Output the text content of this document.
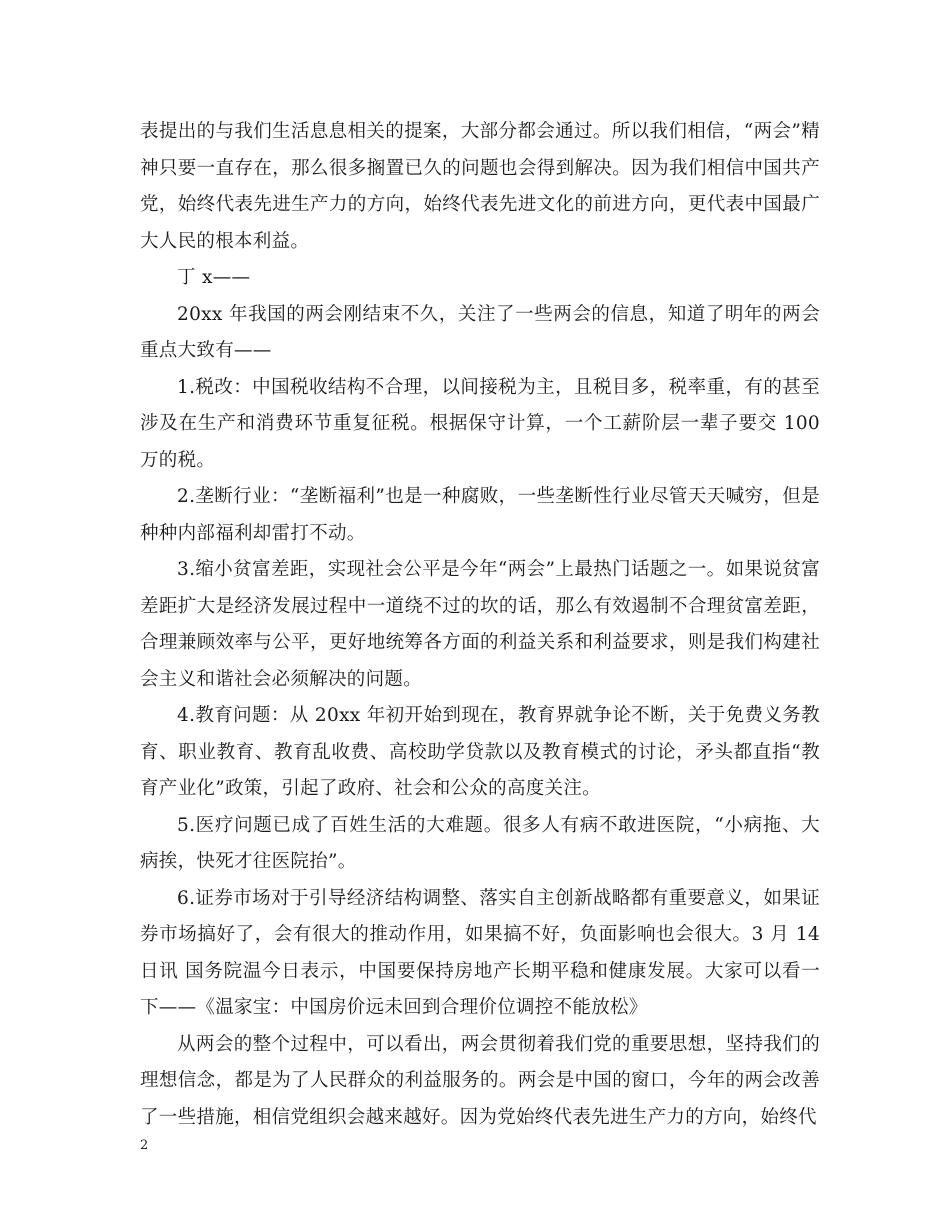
表提出的与我们生活息息相关的提案，大部分都会通过。所以我们相信，“两会”精神只要一直存在，那么很多搁置已久的问题也会得到解决。因为我们相信中国共产党，始终代表先进生产力的方向，始终代表先进文化的前进方向，更代表中国最广大人民的根本利益。

丁 x——

20xx 年我国的两会刚结束不久，关注了一些两会的信息，知道了明年的两会重点大致有——

1.税改：中国税收结构不合理，以间接税为主，且税目多，税率重，有的甚至涉及在生产和消费环节重复征税。根据保守计算，一个工薪阶层一辈子要交 100 万的税。

2.垄断行业：“垄断福利”也是一种腐败，一些垄断性行业尽管天天喊穷，但是种种内部福利却雷打不动。

3.缩小贫富差距，实现社会公平是今年“两会”上最热门话题之一。如果说贫富差距扩大是经济发展过程中一道绕不过的坎的话，那么有效遏制不合理贫富差距，合理兼顾效率与公平，更好地统筹各方面的利益关系和利益要求，则是我们构建社会主义和谐社会必须解决的问题。

4.教育问题：从 20xx 年初开始到现在，教育界就争论不断，关于免费义务教育、职业教育、教育乱收费、高校助学贷款以及教育模式的讨论，矛头都直指“教育产业化”政策，引起了政府、社会和公众的高度关注。

5.医疗问题已成了百姓生活的大难题。很多人有病不敢进医院，“小病拖、大病挨，快死才往医院抬”。

6.证券市场对于引导经济结构调整、落实自主创新战略都有重要意义，如果证券市场搞好了，会有很大的推动作用，如果搞不好，负面影响也会很大。3 月 14 日讯 国务院温今日表示，中国要保持房地产长期平稳和健康发展。大家可以看一下——《温家宝：中国房价远未回到合理价位调控不能放松》

从两会的整个过程中，可以看出，两会贯彻着我们党的重要思想，坚持我们的理想信念，都是为了人民群众的利益服务的。两会是中国的窗口，今年的两会改善了一些措施，相信党组织会越来越好。因为党始终代表先进生产力的方向，始终代

2
